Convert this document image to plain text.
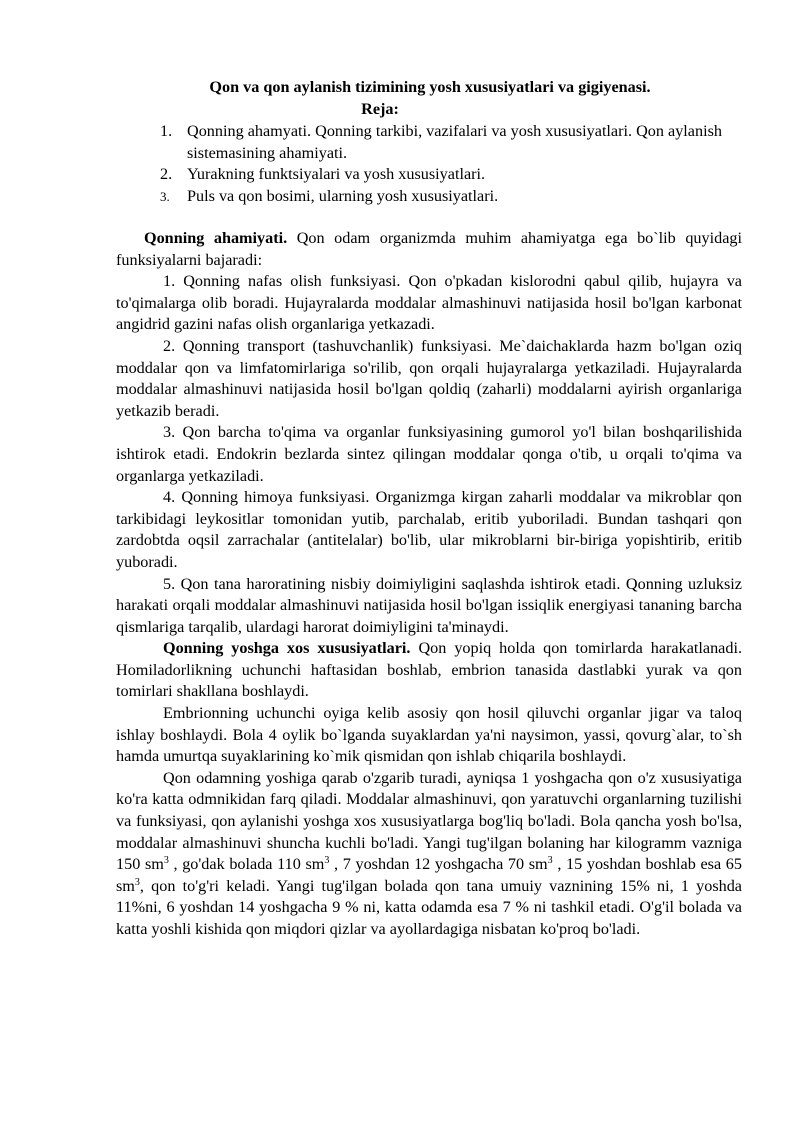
Qon va qon aylanish tizimining yosh xususiyatlari va gigiyenasi.
Reja:
1. Qonning ahamyati. Qonning tarkibi, vazifalari va yosh xususiyatlari. Qon aylanish sistemasining ahamiyati.
2. Yurakning funktsiyalari va yosh xususiyatlari.
3. Puls va qon bosimi, ularning yosh xususiyatlari.

Qonning ahamiyati. Qon odam organizmda muhim ahamiyatga ega bo`lib quyidagi funksiyalarni bajaradi:

1. Qonning nafas olish funksiyasi. Qon o'pkadan kislorodni qabul qilib, hujayra va to'qimalarga olib boradi. Hujayralarda moddalar almashinuvi natijasida hosil bo'lgan karbonat angidrid gazini nafas olish organlariga yetkazadi.

2. Qonning transport (tashuvchanlik) funksiyasi. Me`daichaklarda hazm bo'lgan oziq moddalar qon va limfatomirlariga so'rilib, qon orqali hujayralarga yetkaziladi. Hujayralarda moddalar almashinuvi natijasida hosil bo'lgan qoldiq (zaharli) moddalarni ayirish organlariga yetkazib beradi.

3. Qon barcha to'qima va organlar funksiyasining gumorol yo'l bilan boshqarilishida ishtirok etadi. Endokrin bezlarda sintez qilingan moddalar qonga o'tib, u orqali to'qima va organlarga yetkaziladi.

4. Qonning himoya funksiyasi. Organizmga kirgan zaharli moddalar va mikroblar qon tarkibidagi leykositlar tomonidan yutib, parchalab, eritib yuboriladi. Bundan tashqari qon zardobtda oqsil zarrachalar (antitelalar) bo'lib, ular mikroblarni bir-biriga yopishtirib, eritib yuboradi.

5. Qon tana haroratining nisbiy doimiyligini saqlashda ishtirok etadi. Qonning uzluksiz harakati orqali moddalar almashinuvi natijasida hosil bo'lgan issiqlik energiyasi tananing barcha qismlariga tarqalib, ulardagi harorat doimiyligini ta'minaydi.

Qonning yoshga xos xususiyatlari. Qon yopiq holda qon tomirlarda harakatlanadi. Homiladorlikning uchunchi haftasidan boshlab, embrion tanasida dastlabki yurak va qon tomirlari shakllana boshlaydi.

Embrionning uchunchi oyiga kelib asosiy qon hosil qiluvchi organlar jigar va taloq ishlay boshlaydi. Bola 4 oylik bo`lganda suyaklardan ya'ni naysimon, yassi, qovurg`alar, to`sh hamda umurtqa suyaklarining ko`mik qismidan qon ishlab chiqarila boshlaydi.

Qon odamning yoshiga qarab o'zgarib turadi, ayniqsa 1 yoshgacha qon o'z xususiyatiga ko'ra katta odmnikidan farq qiladi. Moddalar almashinuvi, qon yaratuvchi organlarning tuzilishi va funksiyasi, qon aylanishi yoshga xos xususiyatlarga bog'liq bo'ladi. Bola qancha yosh bo'lsa, moddalar almashinuvi shuncha kuchli bo'ladi. Yangi tug'ilgan bolaning har kilogramm vazniga 150 $sm^3$ , go'dak bolada 110 $sm^3$ , 7 yoshdan 12 yoshgacha 70 $sm^3$ , 15 yoshdan boshlab esa 65 $sm^3$, qon to'g'ri keladi. Yangi tug'ilgan bolada qon tana umuiy vaznining 15% ni, 1 yoshda 11%ni, 6 yoshdan 14 yoshgacha 9 % ni, katta odamda esa 7 % ni tashkil etadi. O'g'il bolada va katta yoshli kishida qon miqdori qizlar va ayollardagiga nisbatan ko'proq bo'ladi.
